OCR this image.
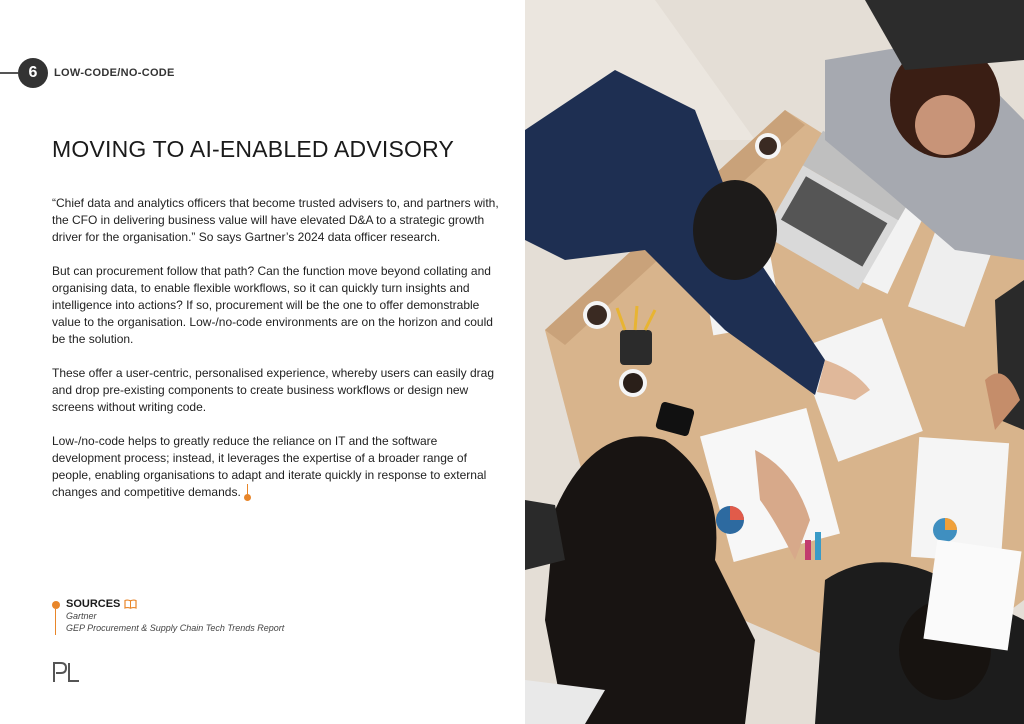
6	LOW-CODE/NO-CODE
MOVING TO AI-ENABLED ADVISORY

“Chief data and analytics officers that become trusted advisers to, and partners with, the CFO in delivering business value will have elevated D&A to a strategic growth driver for the organisation.” So says Gartner’s 2024 data officer research.

But can procurement follow that path? Can the function move beyond collating and organising data, to enable flexible workflows, so it can quickly turn insights and intelligence into actions? If so, procurement will be the one to offer demonstrable value to the organisation. Low-/no-code environments are on the horizon and could be the solution.

These offer a user-centric, personalised experience, whereby users can easily drag and drop pre-existing components to create business workflows or design new screens without writing code.

Low-/no-code helps to greatly reduce the reliance on IT and the software development process; instead, it leverages the expertise of a broader range of people, enabling organisations to adapt and iterate quickly in response to external changes and competitive demands.

SOURCES
Gartner
GEP Procurement & Supply Chain Tech Trends Report
